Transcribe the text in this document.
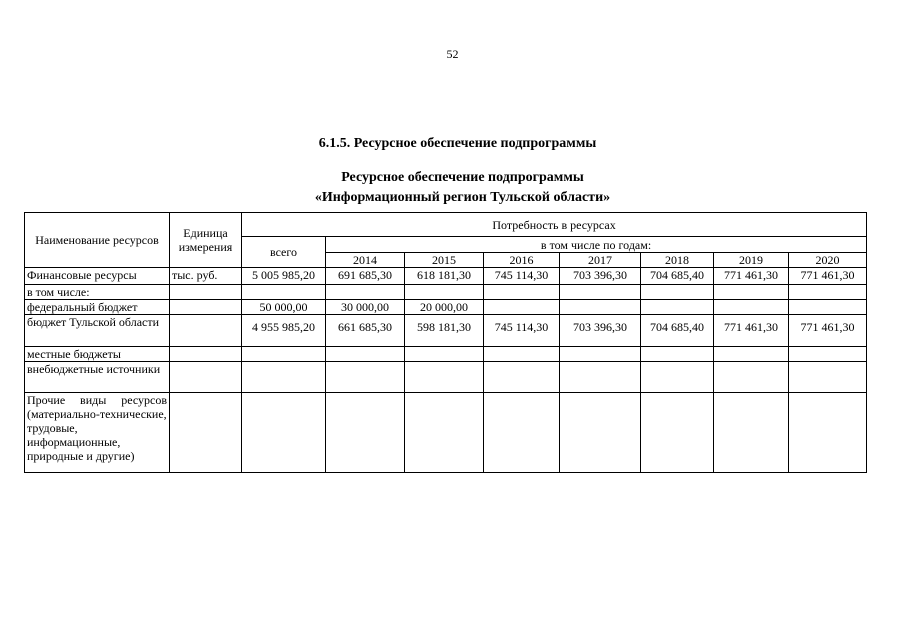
52
6.1.5. Ресурсное обеспечение подпрограммы
Ресурсное обеспечение подпрограммы
«Информационный регион Тульской области»
Наименование ресурсов	Единица измерения	Потребность в ресурсах							
		всего	в том числе по годам:						
			2014	2015	2016	2017	2018	2019	2020
Финансовые ресурсы	тыс. руб.	5 005 985,20	691 685,30	618 181,30	745 114,30	703 396,30	704 685,40	771 461,30	771 461,30
в том числе:									
федеральный бюджет		50 000,00	30 000,00	20 000,00					
бюджет Тульской области		4 955 985,20	661 685,30	598 181,30	745 114,30	703 396,30	704 685,40	771 461,30	771 461,30
местные бюджеты									
внебюджетные источники									
Прочие виды ресурсов (материально-технические, трудовые, информационные, природные и другие)									
